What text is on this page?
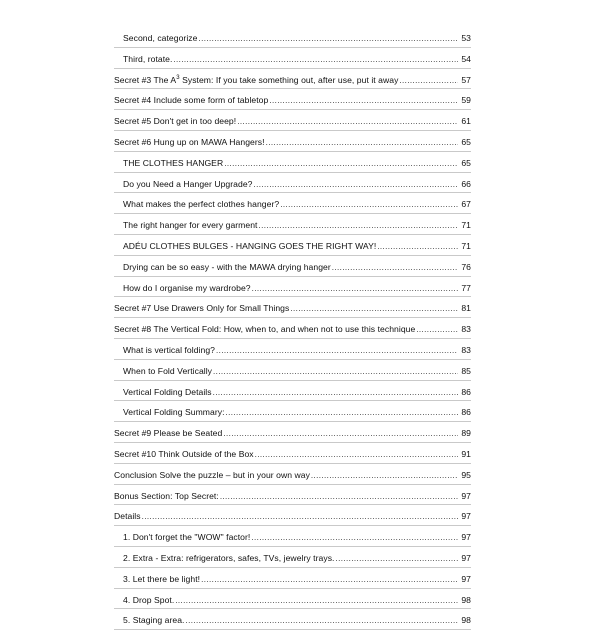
Second, categorize .....	53
Third, rotate. .....	54
Secret #3 The $A^3$ System: If you take something out, after use, put it away .....	57
Secret #4 Include some form of tabletop .....	59
Secret #5 Don't get in too deep! .....	61
Secret #6 Hung up on MAWA Hangers! .....	65
THE CLOTHES HANGER .....	65
Do you Need a Hanger Upgrade? .....	66
What makes the perfect clothes hanger? .....	67
The right hanger for every garment .....	71
ADÉU CLOTHES BULGES - HANGING GOES THE RIGHT WAY! .....	71
Drying can be so easy - with the MAWA drying hanger .....	76
How do I organise my wardrobe? .....	77
Secret #7 Use Drawers Only for Small Things .....	81
Secret #8 The Vertical Fold: How, when to, and when not to use this technique .....	83
What is vertical folding? .....	83
When to Fold Vertically .....	85
Vertical Folding Details .....	86
Vertical Folding Summary: .....	86
Secret #9 Please be Seated .....	89
Secret #10 Think Outside of the Box .....	91
Conclusion Solve the puzzle – but in your own way .....	95
Bonus Section: Top Secret: .....	97
Details .....	97
1. Don't forget the "WOW" factor! .....	97
2. Extra - Extra: refrigerators, safes, TVs, jewelry trays. .....	97
3. Let there be light! .....	97
4. Drop Spot. .....	98
5. Staging area. .....	98
